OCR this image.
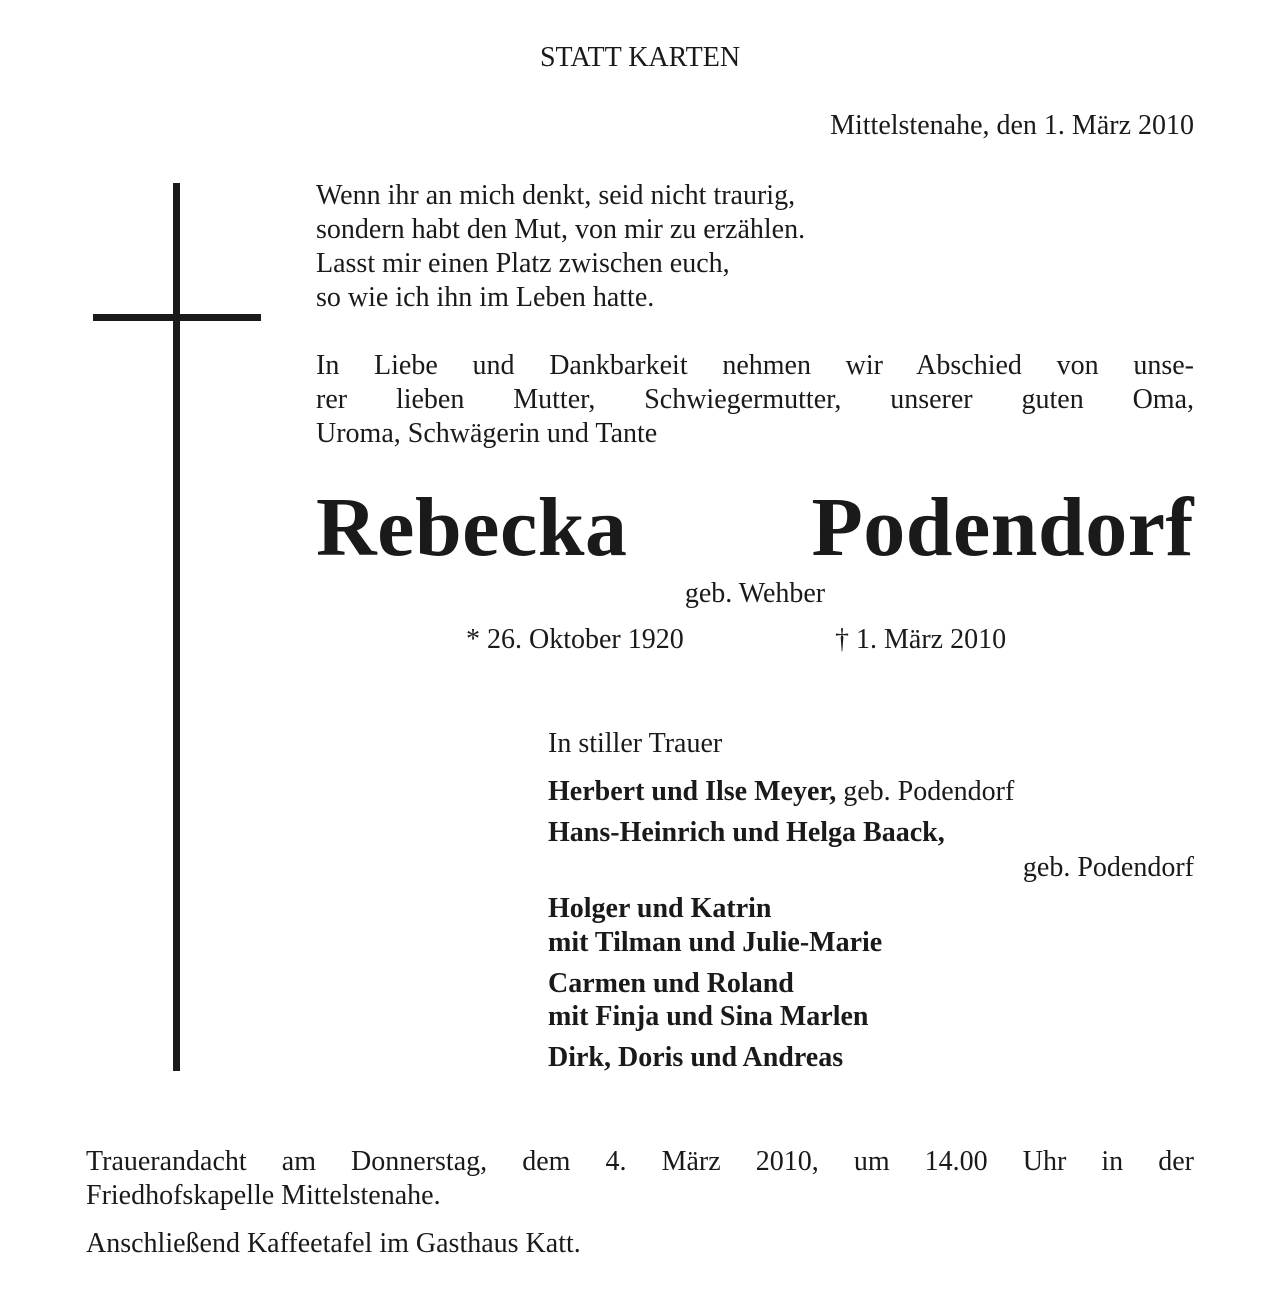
STATT KARTEN
Mittelstenahe, den 1. März 2010
Wenn ihr an mich denkt, seid nicht traurig,
sondern habt den Mut, von mir zu erzählen.
Lasst mir einen Platz zwischen euch,
so wie ich ihn im Leben hatte.
In Liebe und Dankbarkeit nehmen wir Abschied von unse-
rer lieben Mutter, Schwiegermutter, unserer guten Oma,
Uroma, Schwägerin und Tante
Rebecka Podendorf
geb. Wehber
* 26. Oktober 1920	† 1. März 2010
In stiller Trauer
Herbert und Ilse Meyer, geb. Podendorf
Hans-Heinrich und Helga Baack,
geb. Podendorf
Holger und Katrin
mit Tilman und Julie-Marie
Carmen und Roland
mit Finja und Sina Marlen
Dirk, Doris und Andreas
Trauerandacht am Donnerstag, dem 4. März 2010, um 14.00 Uhr in der
Friedhofskapelle Mittelstenahe.
Anschließend Kaffeetafel im Gasthaus Katt.
